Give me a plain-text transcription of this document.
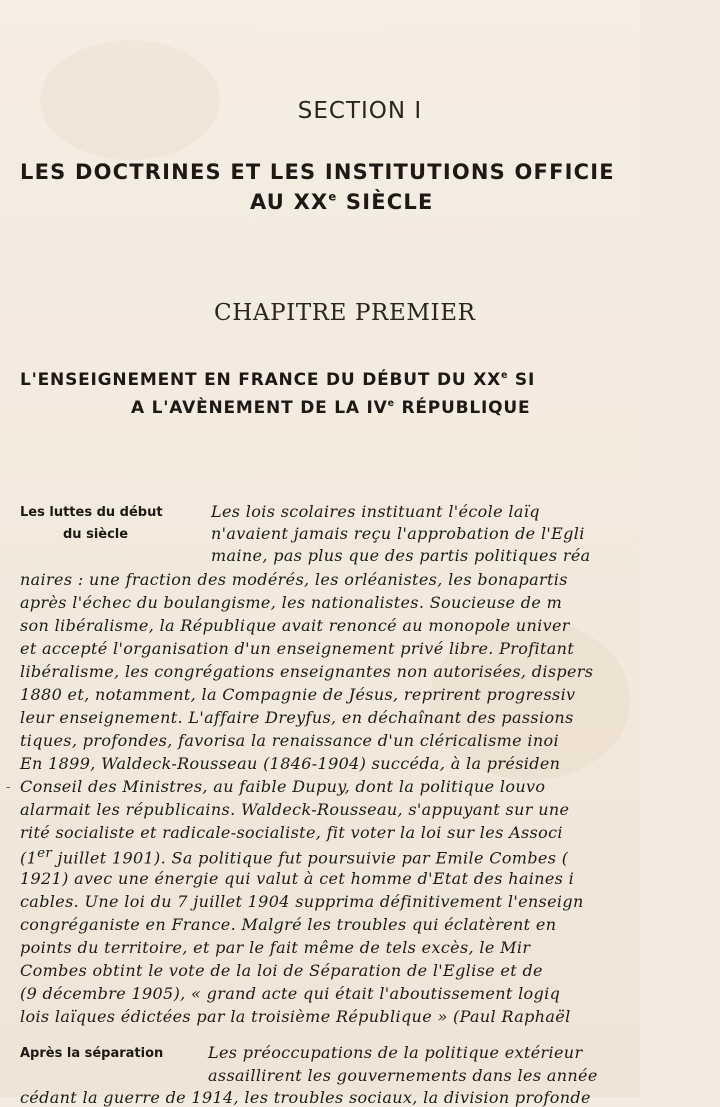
SECTION I
LES DOCTRINES ET LES INSTITUTIONS OFFICIE
AU XXe SIÈCLE
CHAPITRE PREMIER
L'ENSEIGNEMENT EN FRANCE DU DÉBUT DU XXe SI
A L'AVÈNEMENT DE LA IVe RÉPUBLIQUE
Les luttes du début
du siècle
Après la séparation
Les lois scolaires instituant l'école laïq
n'avaient jamais reçu l'approbation de l'Egli
maine, pas plus que des partis politiques réa
naires : une fraction des modérés, les orléanistes, les bonapartis
après l'échec du boulangisme, les nationalistes. Soucieuse de m
son libéralisme, la République avait renoncé au monopole univer
et accepté l'organisation d'un enseignement privé libre. Profitant
libéralisme, les congrégations enseignantes non autorisées, dispers
1880 et, notamment, la Compagnie de Jésus, reprirent progressiv
leur enseignement. L'affaire Dreyfus, en déchaînant des passions
tiques, profondes, favorisa la renaissance d'un cléricalisme inoi
En 1899, Waldeck-Rousseau (1846-1904) succéda, à la présiden
- Conseil des Ministres, au faible Dupuy, dont la politique louvo
alarmait les républicains. Waldeck-Rousseau, s'appuyant sur une
rité socialiste et radicale-socialiste, fit voter la loi sur les Associ
(1er juillet 1901). Sa politique fut poursuivie par Emile Combes (
1921) avec une énergie qui valut à cet homme d'Etat des haines i
cables. Une loi du 7 juillet 1904 supprima définitivement l'enseign
congréganiste en France. Malgré les troubles qui éclatèrent en
points du territoire, et par le fait même de tels excès, le Mir
Combes obtint le vote de la loi de Séparation de l'Eglise et de
(9 décembre 1905), « grand acte qui était l'aboutissement logiq
lois laïques édictées par la troisième République » (Paul Raphaël
Les préoccupations de la politique extérieur
assaillirent les gouvernements dans les année
cédant la guerre de 1914, les troubles sociaux, la division profonde
